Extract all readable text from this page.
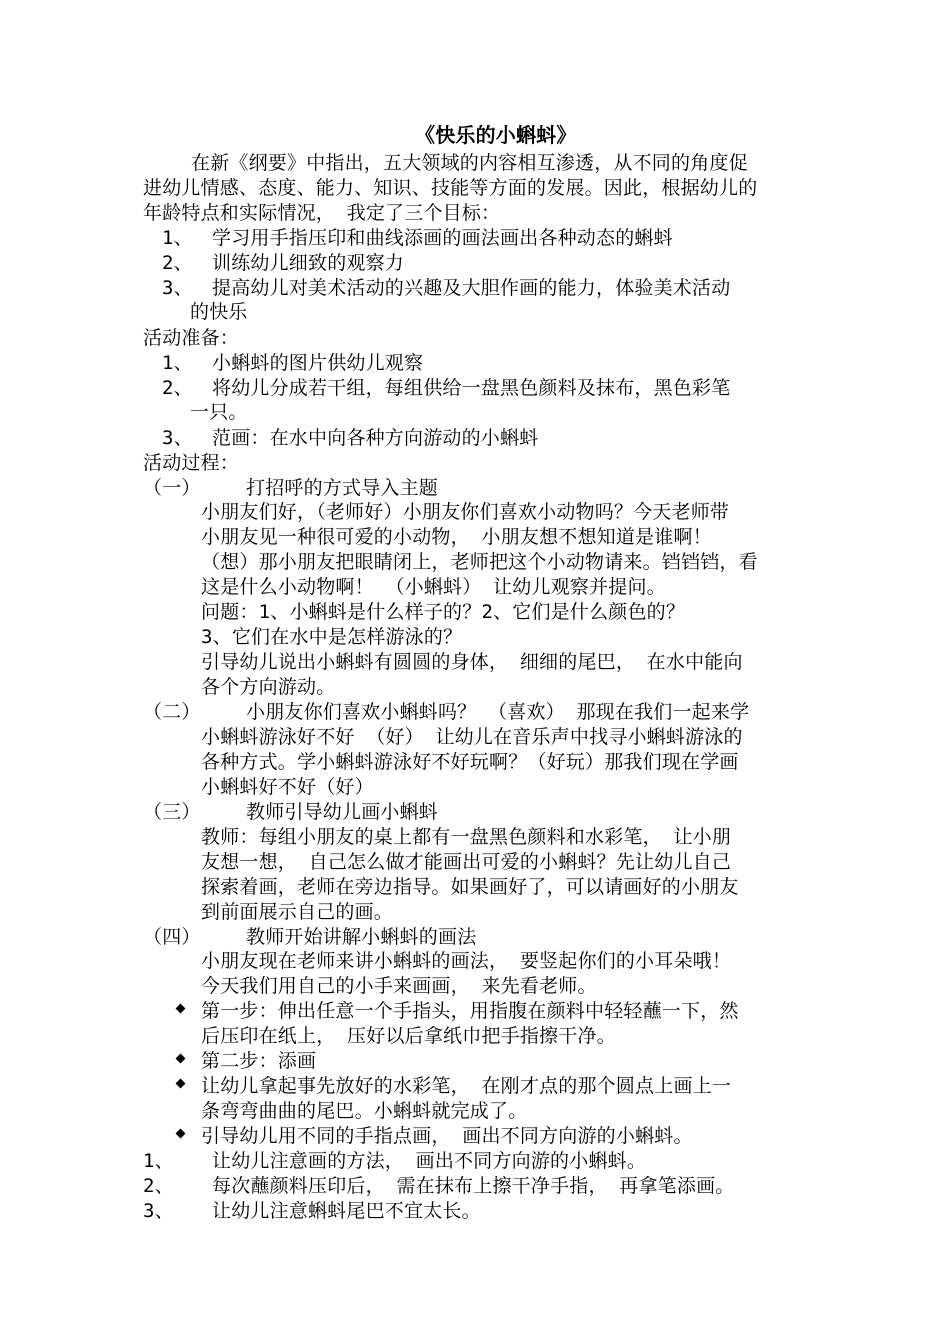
《快乐的小蝌蚪》
在新《纲要》中指出，五大领域的内容相互渗透，从不同的角度促
进幼儿情感、态度、能力、知识、技能等方面的发展。因此，根据幼儿的
年龄特点和实际情况， 我定了三个目标：
1、 学习用手指压印和曲线添画的画法画出各种动态的蝌蚪
2、 训练幼儿细致的观察力
3、 提高幼儿对美术活动的兴趣及大胆作画的能力，体验美术活动
的快乐
活动准备：
1、 小蝌蚪的图片供幼儿观察
2、 将幼儿分成若干组，每组供给一盘黑色颜料及抹布，黑色彩笔
一只。
3、 范画：在水中向各种方向游动的小蝌蚪
活动过程：
（一） 打招呼的方式导入主题
小朋友们好，（老师好）小朋友你们喜欢小动物吗？今天老师带
小朋友见一种很可爱的小动物， 小朋友想不想知道是谁啊！
（想）那小朋友把眼睛闭上，老师把这个小动物请来。铛铛铛，看
这是什么小动物啊！ （小蝌蚪） 让幼儿观察并提问。
问题：1、小蝌蚪是什么样子的？2、它们是什么颜色的？
3、它们在水中是怎样游泳的？
引导幼儿说出小蝌蚪有圆圆的身体， 细细的尾巴， 在水中能向
各个方向游动。
（二） 小朋友你们喜欢小蝌蚪吗？ （喜欢） 那现在我们一起来学
小蝌蚪游泳好不好 （好） 让幼儿在音乐声中找寻小蝌蚪游泳的
各种方式。学小蝌蚪游泳好不好玩啊？（好玩）那我们现在学画
小蝌蚪好不好（好）
（三） 教师引导幼儿画小蝌蚪
教师：每组小朋友的桌上都有一盘黑色颜料和水彩笔， 让小朋
友想一想， 自己怎么做才能画出可爱的小蝌蚪？先让幼儿自己
探索着画，老师在旁边指导。如果画好了，可以请画好的小朋友
到前面展示自己的画。
（四） 教师开始讲解小蝌蚪的画法
小朋友现在老师来讲小蝌蚪的画法， 要竖起你们的小耳朵哦！
今天我们用自己的小手来画画， 来先看老师。
第一步：伸出任意一个手指头，用指腹在颜料中轻轻蘸一下，然
后压印在纸上， 压好以后拿纸巾把手指擦干净。
第二步：添画
让幼儿拿起事先放好的水彩笔， 在刚才点的那个圆点上画上一
条弯弯曲曲的尾巴。小蝌蚪就完成了。
引导幼儿用不同的手指点画， 画出不同方向游的小蝌蚪。
1、 让幼儿注意画的方法， 画出不同方向游的小蝌蚪。
2、 每次蘸颜料压印后， 需在抹布上擦干净手指， 再拿笔添画。
3、 让幼儿注意蝌蚪尾巴不宜太长。
